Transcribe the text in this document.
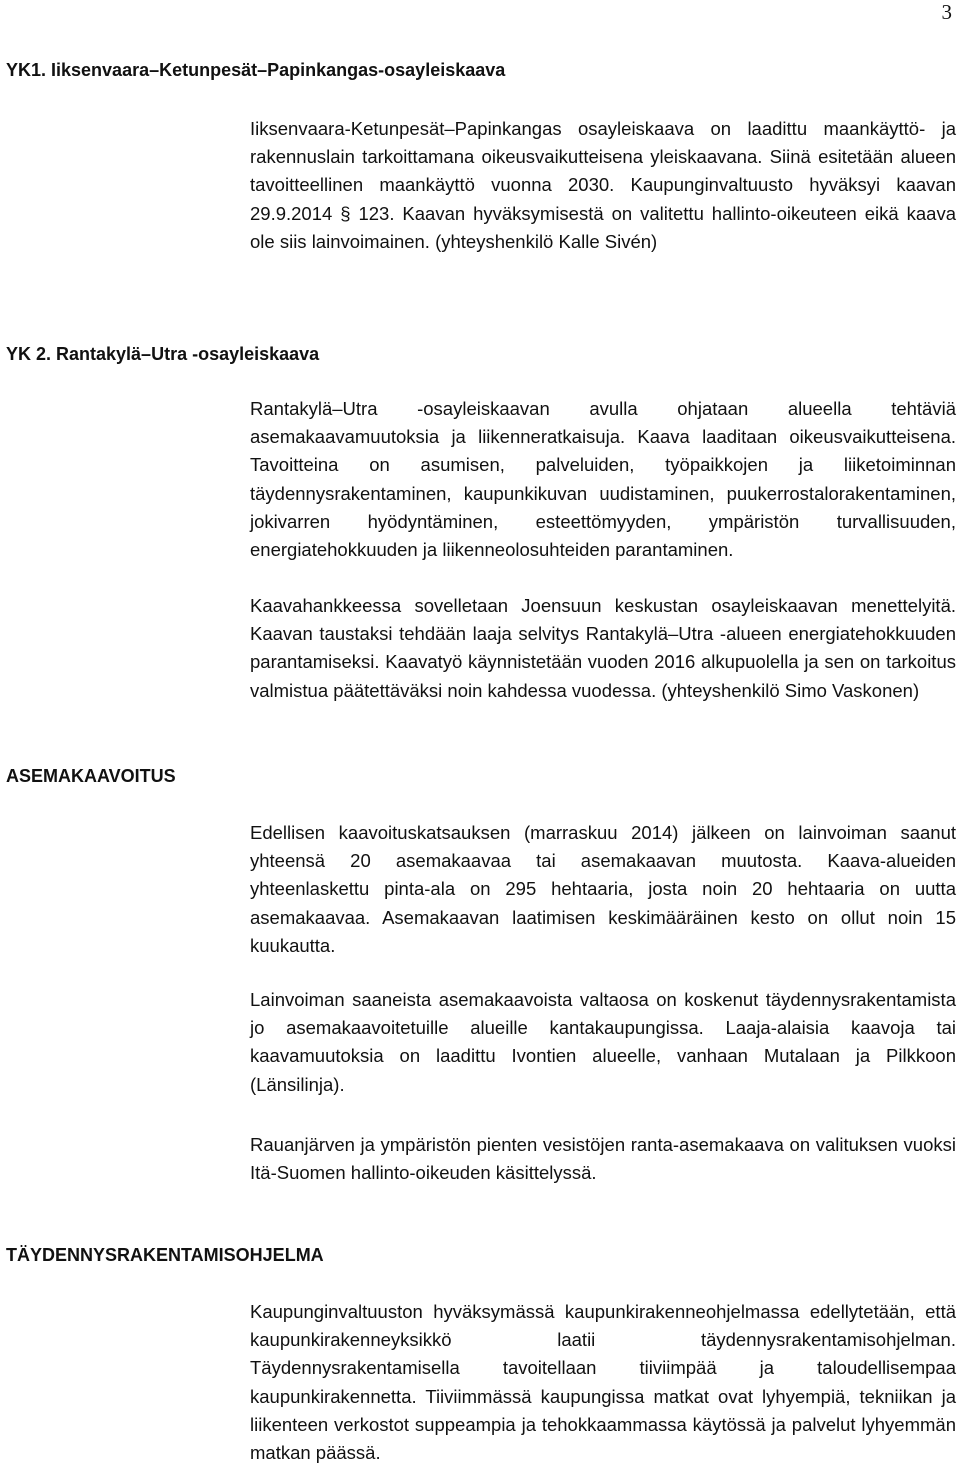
3
YK1. Iiksenvaara–Ketunpesät–Papinkangas-osayleiskaava

Iiksenvaara-Ketunpesät–Papinkangas osayleiskaava on laadittu maankäyttö- ja rakennuslain tarkoittamana oikeusvaikutteisena yleiskaavana. Siinä esitetään alueen tavoitteellinen maankäyttö vuonna 2030. Kaupunginvaltuusto hyväksyi kaavan 29.9.2014 § 123. Kaavan hyväksymisestä on valitettu hallinto-oikeuteen eikä kaava ole siis lainvoimainen. (yhteyshenkilö Kalle Sivén)

YK 2. Rantakylä–Utra -osayleiskaava

Rantakylä–Utra -osayleiskaavan avulla ohjataan alueella tehtäviä asemakaavamuutoksia ja liikenneratkaisuja. Kaava laaditaan oikeusvaikutteisena. Tavoitteina on asumisen, palveluiden, työpaikkojen ja liiketoiminnan täydennysrakentaminen, kaupunkikuvan uudistaminen, puukerrostalorakentaminen, jokivarren hyödyntäminen, esteettömyyden, ympäristön turvallisuuden, energiatehokkuuden ja liikenneolosuhteiden parantaminen.

Kaavahankkeessa sovelletaan Joensuun keskustan osayleiskaavan menettelyitä. Kaavan taustaksi tehdään laaja selvitys Rantakylä–Utra -alueen energiatehokkuuden parantamiseksi. Kaavatyö käynnistetään vuoden 2016 alkupuolella ja sen on tarkoitus valmistua päätettäväksi noin kahdessa vuodessa. (yhteyshenkilö Simo Vaskonen)

ASEMAKAAVOITUS

Edellisen kaavoituskatsauksen (marraskuu 2014) jälkeen on lainvoiman saanut yhteensä 20 asemakaavaa tai asemakaavan muutosta. Kaava-alueiden yhteenlaskettu pinta-ala on 295 hehtaaria, josta noin 20 hehtaaria on uutta asemakaavaa. Asemakaavan laatimisen keskimääräinen kesto on ollut noin 15 kuukautta.

Lainvoiman saaneista asemakaavoista valtaosa on koskenut täydennysrakentamista jo asemakaavoitetuille alueille kantakaupungissa. Laaja-alaisia kaavoja tai kaavamuutoksia on laadittu Ivontien alueelle, vanhaan Mutalaan ja Pilkkoon (Länsilinja).

Rauanjärven ja ympäristön pienten vesistöjen ranta-asemakaava on valituksen vuoksi Itä-Suomen hallinto-oikeuden käsittelyssä.

TÄYDENNYSRAKENTAMISOHJELMA

Kaupunginvaltuuston hyväksymässä kaupunkirakenneohjelmassa edellytetään, että kaupunkirakenneyksikkö laatii täydennysrakentamisohjelman. Täydennysrakentamisella tavoitellaan tiiviimpää ja taloudellisempaa kaupunkirakennetta. Tiiviimmässä kaupungissa matkat ovat lyhyempiä, tekniikan ja liikenteen verkostot suppeampia ja tehokkaammassa käytössä ja palvelut lyhyemmän matkan päässä.
